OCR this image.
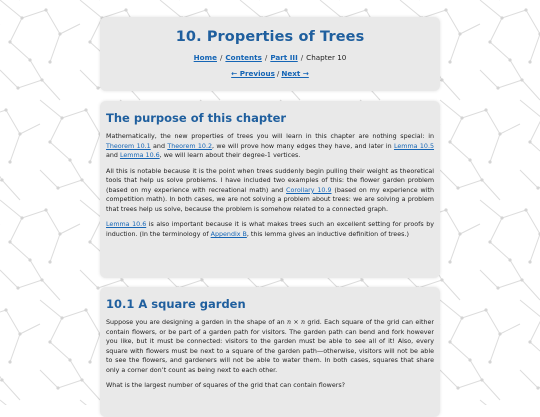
10. Properties of Trees
Home / Contents / Part III / Chapter 10
← Previous / Next →
The purpose of this chapter

Mathematically, the new properties of trees you will learn in this chapter are nothing special: in Theorem 10.1 and Theorem 10.2, we will prove how many edges they have, and later in Lemma 10.5 and Lemma 10.6, we will learn about their degree-1 vertices.

All this is notable because it is the point when trees suddenly begin pulling their weight as theoretical tools that help us solve problems. I have included two examples of this: the flower garden problem (based on my experience with recreational math) and Corollary 10.9 (based on my experience with competition math). In both cases, we are not solving a problem about trees: we are solving a problem that trees help us solve, because the problem is somehow related to a connected graph.

Lemma 10.6 is also important because it is what makes trees such an excellent setting for proofs by induction. (In the terminology of Appendix B, this lemma gives an inductive definition of trees.)

10.1 A square garden

Suppose you are designing a garden in the shape of an n × n grid. Each square of the grid can either contain flowers, or be part of a garden path for visitors. The garden path can bend and fork however you like, but it must be connected: visitors to the garden must be able to see all of it! Also, every square with flowers must be next to a square of the garden path—otherwise, visitors will not be able to see the flowers, and gardeners will not be able to water them. In both cases, squares that share only a corner don’t count as being next to each other.

What is the largest number of squares of the grid that can contain flowers?
